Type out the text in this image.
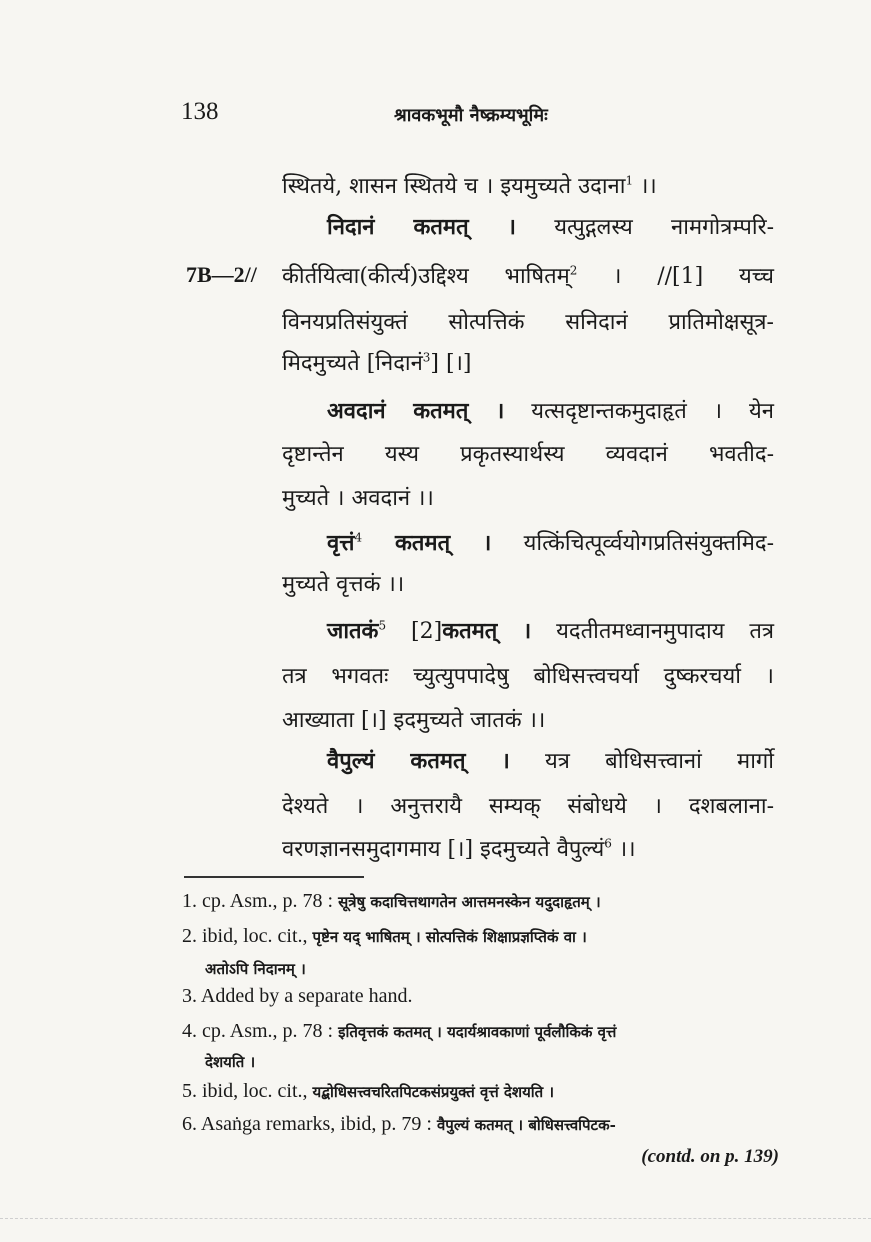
138	श्रावकभूमौ नैष्क्रम्यभूमिः
7B—2//
स्थितये, शासन स्थितये च । इयमुच्यते उदाना$^1$ ।।
निदानं कतमत् । यत्पुद्गलस्य नामगोत्रम्परि-
कीर्तयित्वा(कीर्त्य)उद्दिश्य भाषितम्$^2$ । //[1] यच्च
विनयप्रतिसंयुक्तं सोत्पत्तिकं सनिदानं प्रातिमोक्षसूत्र-
मिदमुच्यते [निदानं$^3$] [।]
अवदानं कतमत् । यत्सदृष्टान्तकमुदाहृतं । येन
दृष्टान्तेन यस्य प्रकृतस्यार्थस्य व्यवदानं भवतीद-
मुच्यते । अवदानं ।।
वृत्तं$^4$ कतमत् । यत्किंचित्पूर्व्वयोगप्रतिसंयुक्तमिद-
मुच्यते वृत्तकं ।।
जातकं$^5$ [2]कतमत् । यदतीतमध्वानमुपादाय तत्र
तत्र भगवतः च्युत्युपपादेषु बोधिसत्त्वचर्या दुष्करचर्या ।
आख्याता [।] इदमुच्यते जातकं ।।
वैपुल्यं कतमत् । यत्र बोधिसत्त्वानां मार्गो
देश्यते । अनुत्तरायै सम्यक् संबोधये । दशबलाना-
वरणज्ञानसमुदागमाय [।] इदमुच्यते वैपुल्यं$^6$ ।।
1. cp. Asm., p. 78 : सूत्रेषु कदाचित्तथागतेन आत्तमनस्केन यदुदाहृतम् ।
2. ibid, loc. cit., पृष्टेन यद् भाषितम् । सोत्पत्तिकं शिक्षाप्रज्ञप्तिकं वा ।
अतोऽपि निदानम् ।
3. Added by a separate hand.
4. cp. Asm., p. 78 : इतिवृत्तकं कतमत् । यदार्यश्रावकाणां पूर्वलौकिकं वृत्तं
देशयति ।
5. ibid, loc. cit., यद्बोधिसत्त्वचरितपिटकसंप्रयुक्तं वृत्तं देशयति ।
6. Asaṅga remarks, ibid, p. 79 : वैपुल्यं कतमत् । बोधिसत्त्वपिटक-
(contd. on p. 139)
